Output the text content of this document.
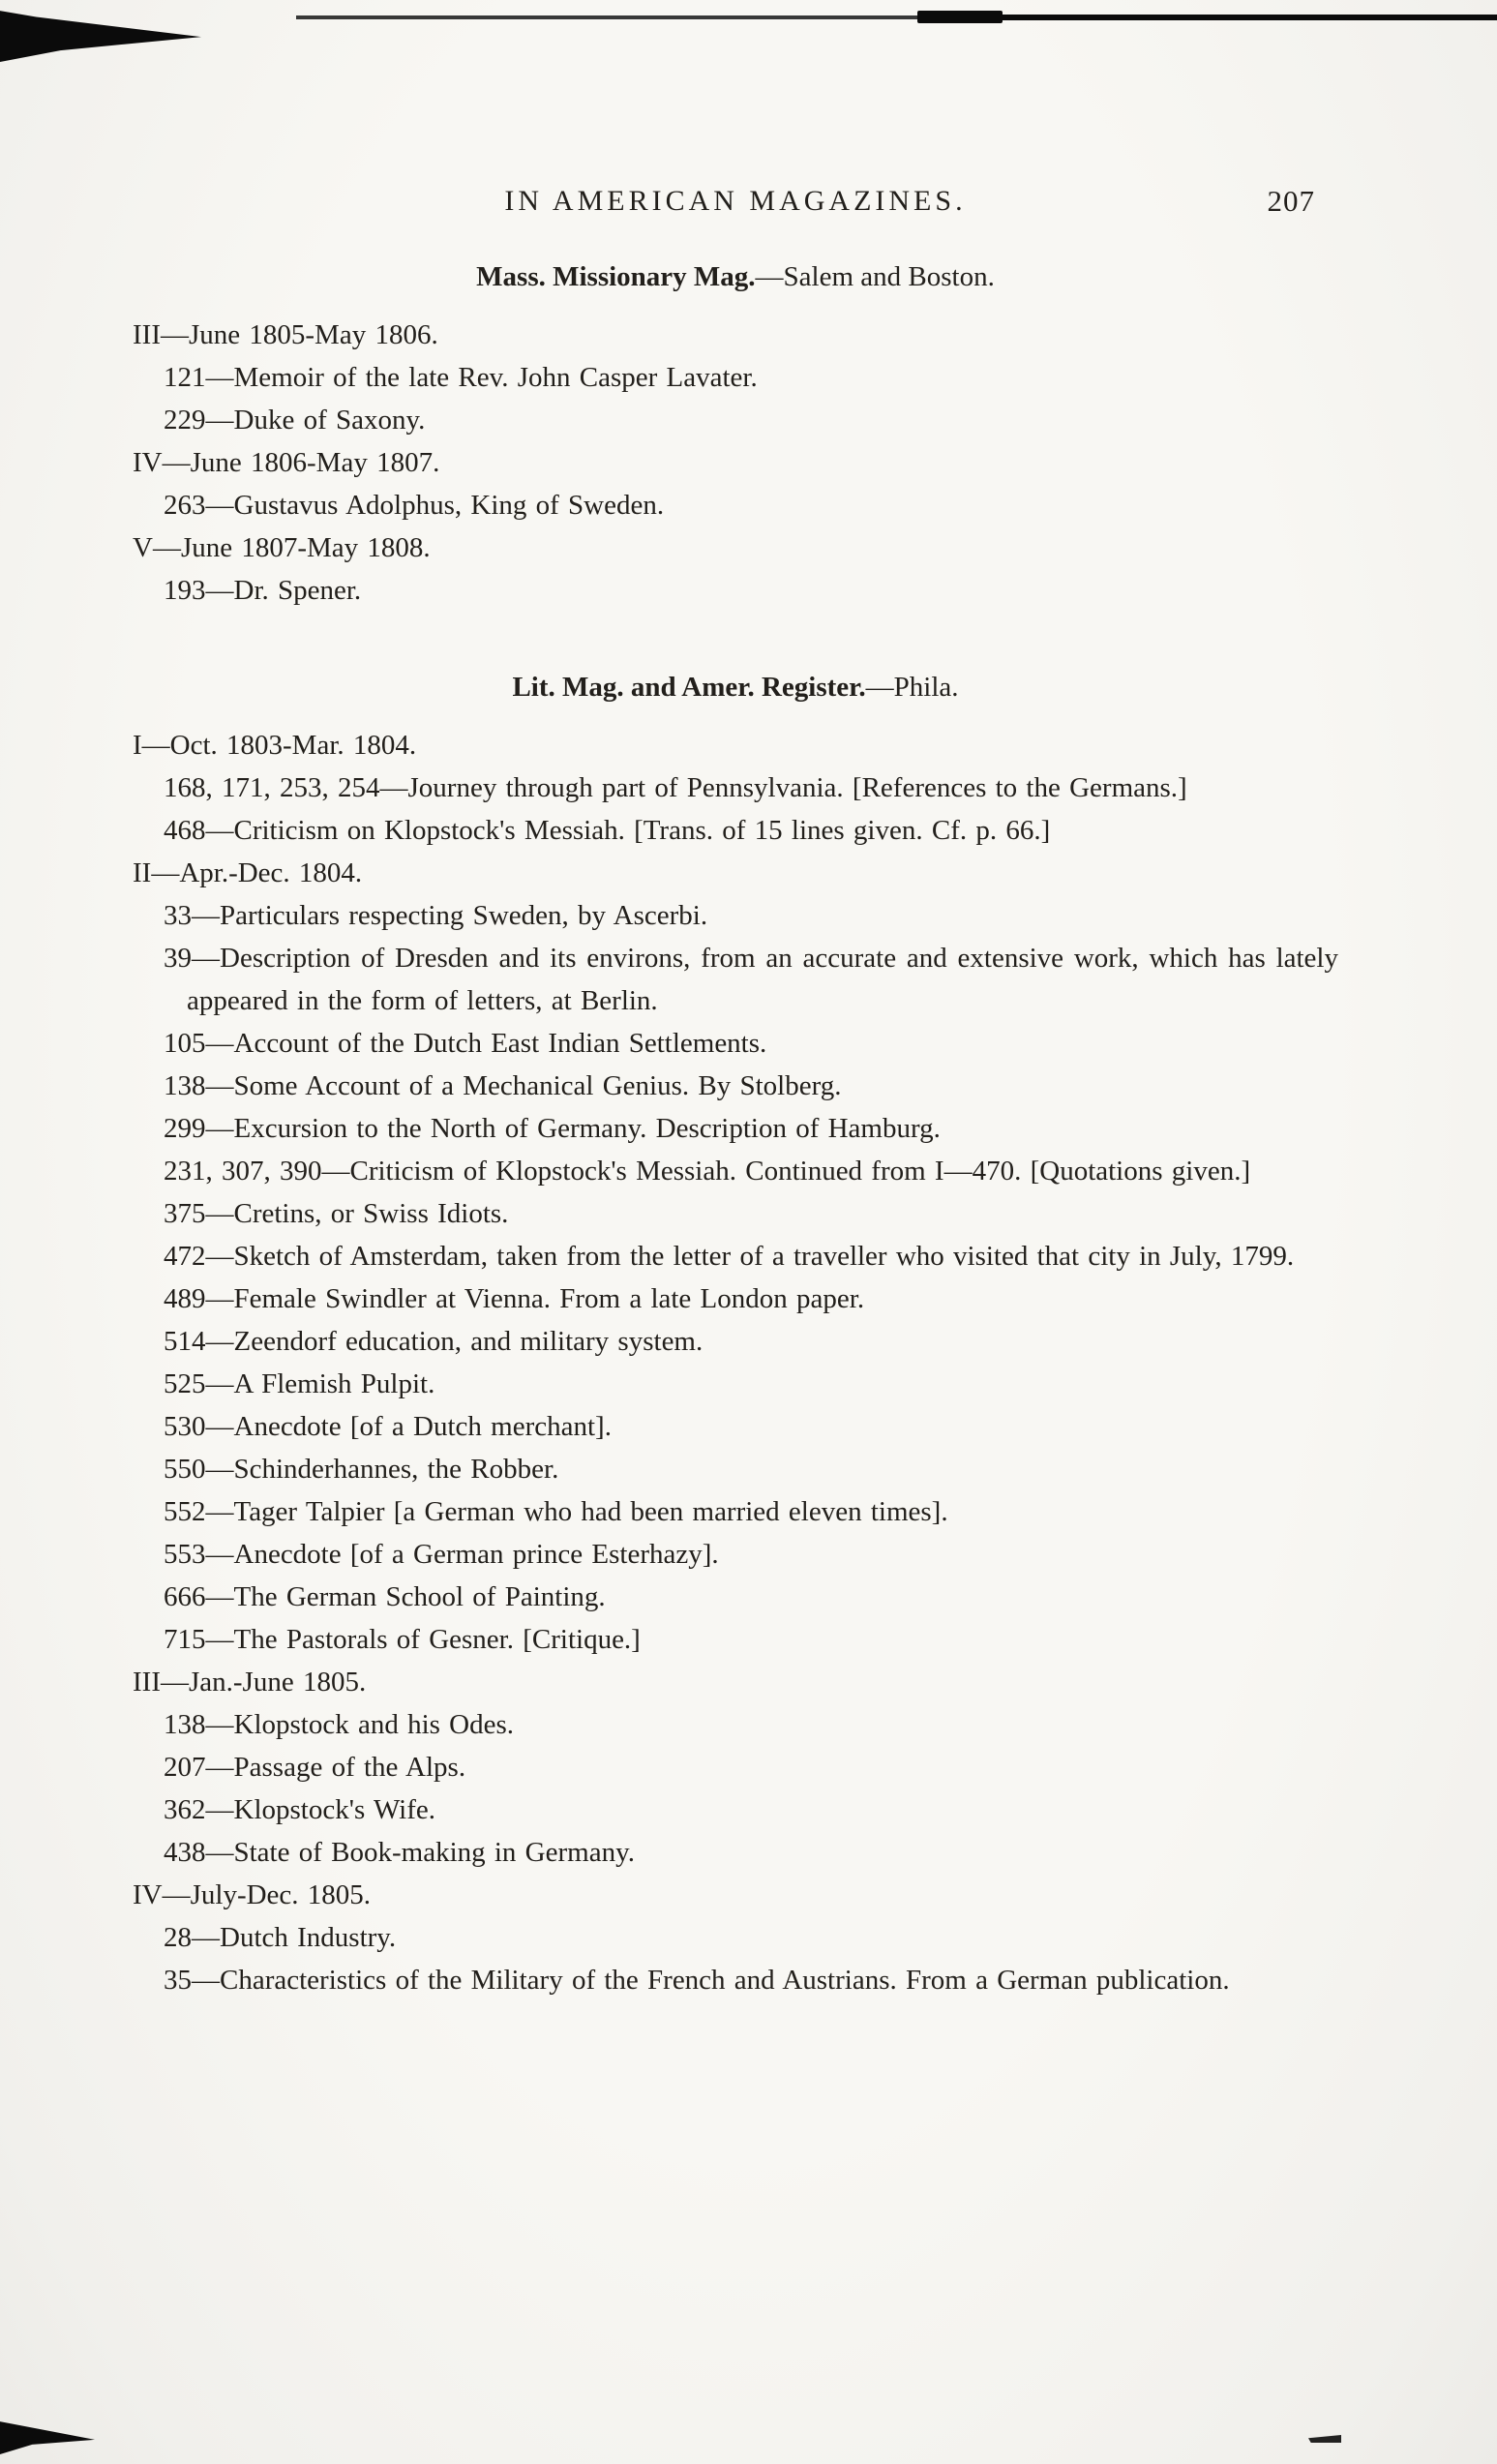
IN AMERICAN MAGAZINES.	207
Mass. Missionary Mag.—Salem and Boston.
III—June 1805-May 1806.
121—Memoir of the late Rev. John Casper Lavater.
229—Duke of Saxony.
IV—June 1806-May 1807.
263—Gustavus Adolphus, King of Sweden.
V—June 1807-May 1808.
193—Dr. Spener.
Lit. Mag. and Amer. Register.—Phila.
I—Oct. 1803-Mar. 1804.
168, 171, 253, 254—Journey through part of Pennsylvania. [References to the Germans.]
468—Criticism on Klopstock's Messiah. [Trans. of 15 lines given. Cf. p. 66.]
II—Apr.-Dec. 1804.
33—Particulars respecting Sweden, by Ascerbi.
39—Description of Dresden and its environs, from an accurate and extensive work, which has lately appeared in the form of letters, at Berlin.
105—Account of the Dutch East Indian Settlements.
138—Some Account of a Mechanical Genius. By Stolberg.
299—Excursion to the North of Germany. Description of Hamburg.
231, 307, 390—Criticism of Klopstock's Messiah. Continued from I—470. [Quotations given.]
375—Cretins, or Swiss Idiots.
472—Sketch of Amsterdam, taken from the letter of a traveller who visited that city in July, 1799.
489—Female Swindler at Vienna. From a late London paper.
514—Zeendorf education, and military system.
525—A Flemish Pulpit.
530—Anecdote [of a Dutch merchant].
550—Schinderhannes, the Robber.
552—Tager Talpier [a German who had been married eleven times].
553—Anecdote [of a German prince Esterhazy].
666—The German School of Painting.
715—The Pastorals of Gesner. [Critique.]
III—Jan.-June 1805.
138—Klopstock and his Odes.
207—Passage of the Alps.
362—Klopstock's Wife.
438—State of Book-making in Germany.
IV—July-Dec. 1805.
28—Dutch Industry.
35—Characteristics of the Military of the French and Austrians. From a German publication.
